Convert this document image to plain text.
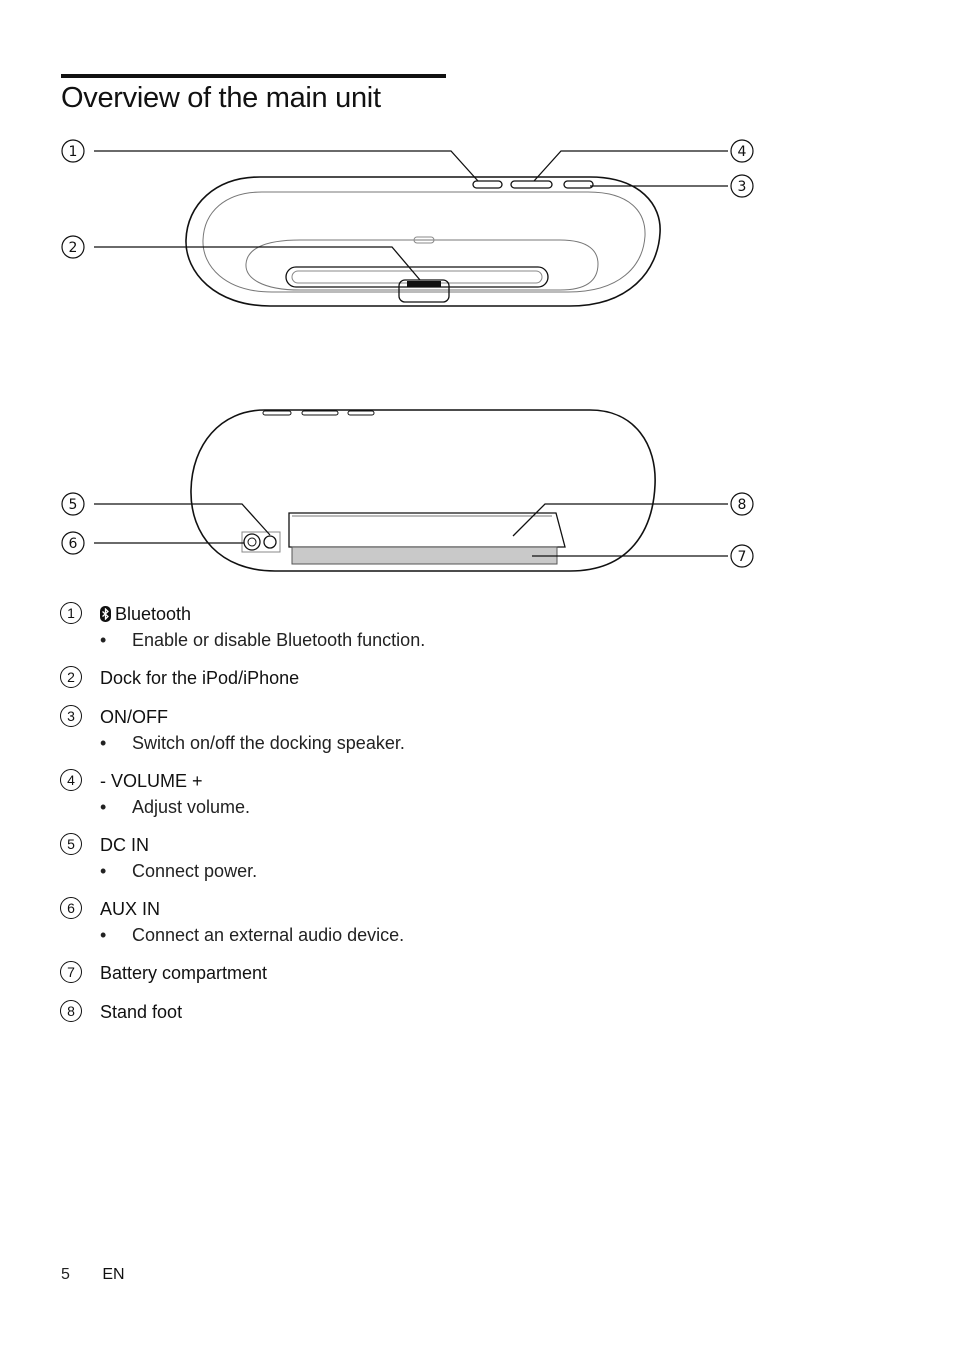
Overview of the main unit
1
2
3
4
5
6
7
8
1	Bluetooth
•	Enable or disable Bluetooth function.
2	Dock for the iPod/iPhone
3	ON/OFF
•	Switch on/off the docking speaker.
4	- VOLUME +
•	Adjust volume.
5	DC IN
•	Connect power.
6	AUX IN
•	Connect an external audio device.
7	Battery compartment
8	Stand foot
5 EN
